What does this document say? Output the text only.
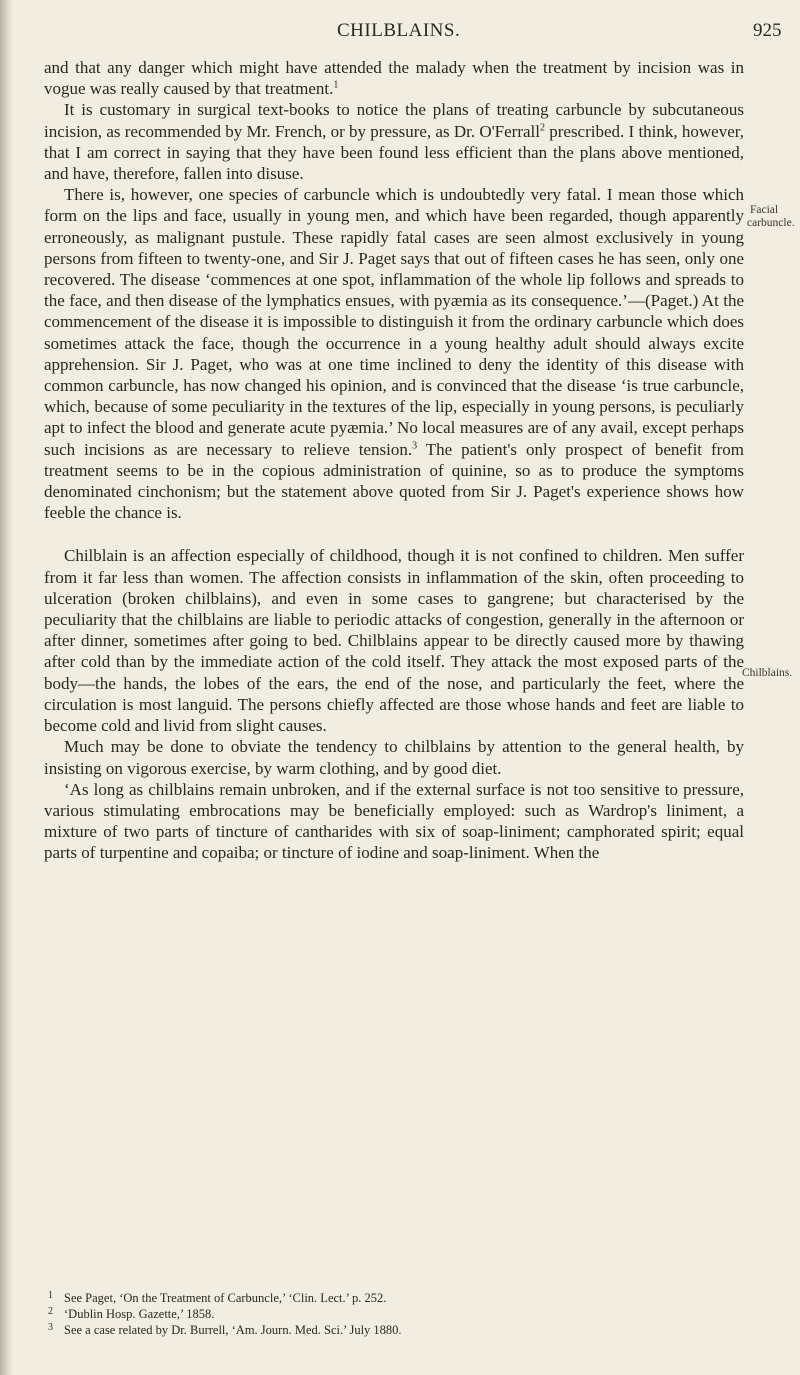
CHILBLAINS.	925

and that any danger which might have attended the malady when the treatment by incision was in vogue was really caused by that treatment.$^1$

It is customary in surgical text-books to notice the plans of treating carbuncle by subcutaneous incision, as recommended by Mr. French, or by pressure, as Dr. O'Ferrall$^2$ prescribed. I think, however, that I am correct in saying that they have been found less efficient than the plans above mentioned, and have, therefore, fallen into disuse.

There is, however, one species of carbuncle which is undoubtedly very fatal. I mean those which form on the lips and face, usually in young men, and which have been regarded, though apparently erroneously, as malignant pustule. These rapidly fatal cases are seen almost exclusively in young persons from fifteen to twenty-one, and Sir J. Paget says that out of fifteen cases he has seen, only one recovered. The disease ‘commences at one spot, inflammation of the whole lip follows and spreads to the face, and then disease of the lymphatics ensues, with pyæmia as its consequence.’—(Paget.) At the commencement of the disease it is impossible to distinguish it from the ordinary carbuncle which does sometimes attack the face, though the occurrence in a young healthy adult should always excite apprehension. Sir J. Paget, who was at one time inclined to deny the identity of this disease with common carbuncle, has now changed his opinion, and is convinced that the disease ‘is true carbuncle, which, because of some peculiarity in the textures of the lip, especially in young persons, is peculiarly apt to infect the blood and generate acute pyæmia.’ No local measures are of any avail, except perhaps such incisions as are necessary to relieve tension.$^3$ The patient's only prospect of benefit from treatment seems to be in the copious administration of quinine, so as to produce the symptoms denominated cinchonism; but the statement above quoted from Sir J. Paget's experience shows how feeble the chance is.

Chilblain is an affection especially of childhood, though it is not confined to children. Men suffer from it far less than women. The affection consists in inflammation of the skin, often proceeding to ulceration (broken chilblains), and even in some cases to gangrene; but characterised by the peculiarity that the chilblains are liable to periodic attacks of congestion, generally in the afternoon or after dinner, sometimes after going to bed. Chilblains appear to be directly caused more by thawing after cold than by the immediate action of the cold itself. They attack the most exposed parts of the body—the hands, the lobes of the ears, the end of the nose, and particularly the feet, where the circulation is most languid. The persons chiefly affected are those whose hands and feet are liable to become cold and livid from slight causes.

Much may be done to obviate the tendency to chilblains by attention to the general health, by insisting on vigorous exercise, by warm clothing, and by good diet.

‘As long as chilblains remain unbroken, and if the external surface is not too sensitive to pressure, various stimulating embrocations may be beneficially employed: such as Wardrop's liniment, a mixture of two parts of tincture of cantharides with six of soap-liniment; camphorated spirit; equal parts of turpentine and copaiba; or tincture of iodine and soap-liniment. When the

Facial
carbuncle.
Chilblains.
1 See Paget, ‘On the Treatment of Carbuncle,’ ‘Clin. Lect.’ p. 252.
2 ‘Dublin Hosp. Gazette,’ 1858.
3 See a case related by Dr. Burrell, ‘Am. Journ. Med. Sci.’ July 1880.
